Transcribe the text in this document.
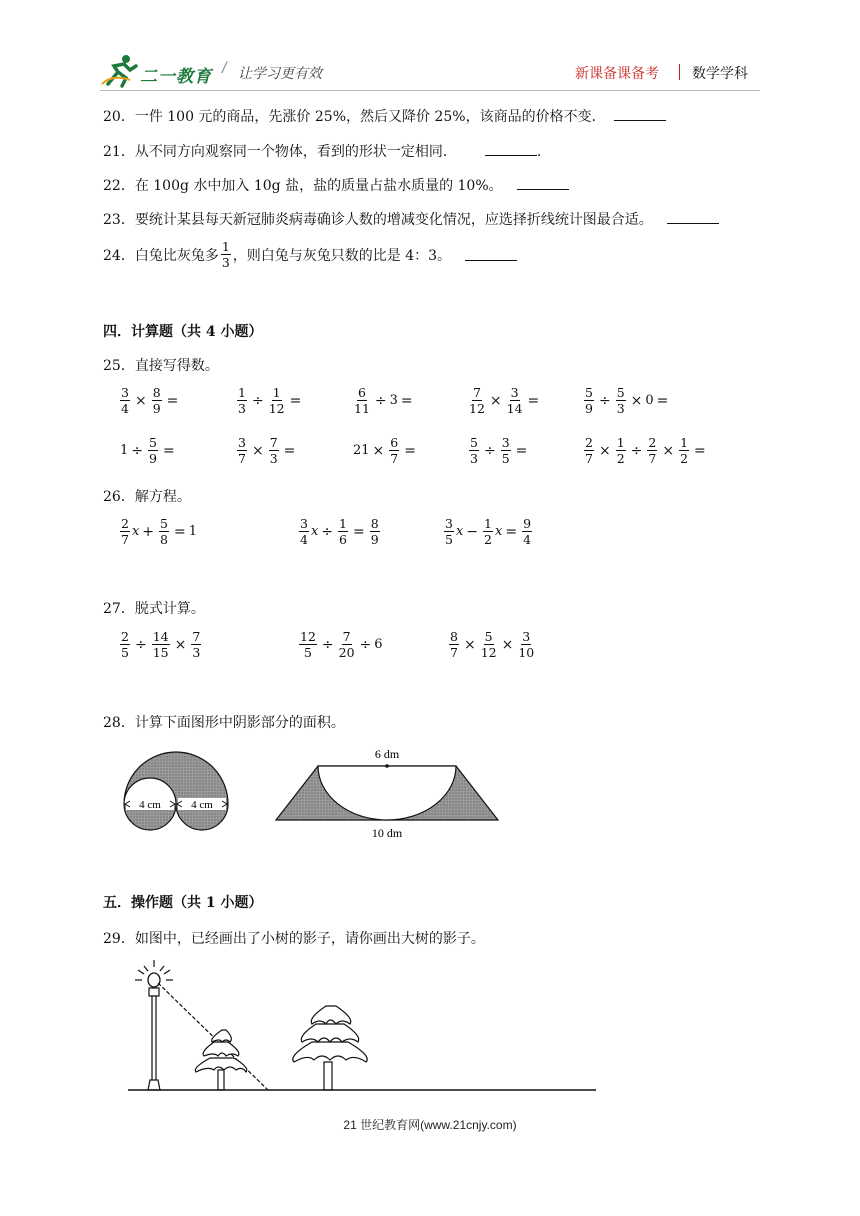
二一教育 / 让学习更有效	新课备课备考 数学学科
20．一件 100 元的商品，先涨价 25%，然后又降价 25%，该商品的价格不变．
21．从不同方向观察同一个物体，看到的形状一定相同．	.
22．在 100g 水中加入 10g 盐，盐的质量占盐水质量的 10%。
23．要统计某县每天新冠肺炎病毒确诊人数的增减变化情况，应选择折线统计图最合适。
24．白兔比灰兔多 $\frac{1}{3}$ ，则白兔与灰兔只数的比是 4：3。
四．计算题（共 4 小题）
25．直接写得数。
$\frac{3}{4} \times \frac{8}{9}$ =	$\frac{1}{3} \div \frac{1}{12}$ =	$\frac{6}{11} \div 3$ =	$\frac{7}{12} \times \frac{3}{14}$ =	$\frac{5}{9} \div \frac{5}{3} \times 0$ =
$1 \div \frac{5}{9}$ =	$\frac{3}{7} \times \frac{7}{3}$ =	$21 \times \frac{6}{7}$ =	$\frac{5}{3} \div \frac{3}{5}$ =	$\frac{2}{7} \times \frac{1}{2} \div \frac{2}{7} \times \frac{1}{2}$ =
26．解方程。
$\frac{2}{7}$ $x + \frac{5}{8} = 1$	$\frac{3}{4}$ $x \div \frac{1}{6} = \frac{8}{9}$	$\frac{3}{5}$ $x - \frac{1}{2}$ $x = \frac{9}{4}$
27．脱式计算。
$\frac{2}{5} \div \frac{14}{15} \times \frac{7}{3}$	$\frac{12}{5} \div \frac{7}{20} \div 6$	$\frac{8}{7} \times \frac{5}{12} \times \frac{3}{10}$
28．计算下面图形中阴影部分的面积。
4 cm	4 cm
6 dm
10 dm
五．操作题（共 1 小题）
29．如图中，已经画出了小树的影子，请你画出大树的影子。
21 世纪教育网(www.21cnjy.com)
